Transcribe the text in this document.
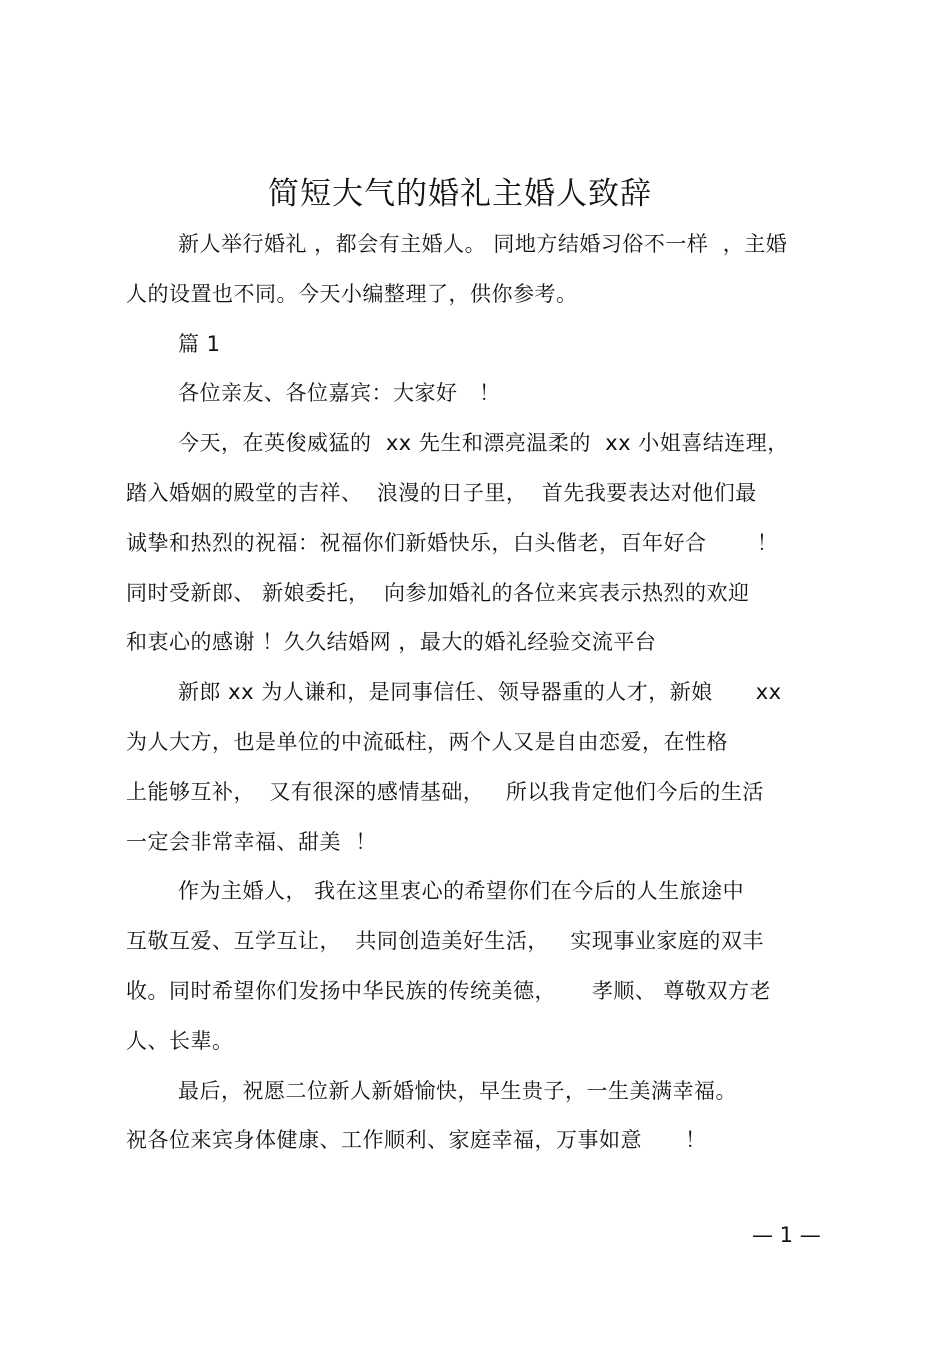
简短大气的婚礼主婚人致辞
新人举行婚礼 ，都会有主婚人。 同地方结婚习俗不一样  ，主婚
人的设置也不同。今天小编整理了，供你参考。
篇 1
各位亲友、各位嘉宾：大家好   ！
今天，在英俊威猛的  xx 先生和漂亮温柔的  xx 小姐喜结连理，
踏入婚姻的殿堂的吉祥、  浪漫的日子里，  首先我要表达对他们最
诚挚和热烈的祝福：祝福你们新婚快乐，白头偕老，百年好合       ！
同时受新郎、 新娘委托，  向参加婚礼的各位来宾表示热烈的欢迎
和衷心的感谢 ！久久结婚网 ，最大的婚礼经验交流平台
新郎 xx 为人谦和，是同事信任、领导器重的人才，新娘      xx
为人大方，也是单位的中流砥柱，两个人又是自由恋爱，在性格
上能够互补，  又有很深的感情基础，   所以我肯定他们今后的生活
一定会非常幸福、甜美  ！
作为主婚人， 我在这里衷心的希望你们在今后的人生旅途中
互敬互爱、互学互让，  共同创造美好生活，   实现事业家庭的双丰
收。同时希望你们发扬中华民族的传统美德，     孝顺、 尊敬双方老
人、长辈。
最后，祝愿二位新人新婚愉快，早生贵子，一生美满幸福。
祝各位来宾身体健康、工作顺利、家庭幸福，万事如意      ！
— 1 —
